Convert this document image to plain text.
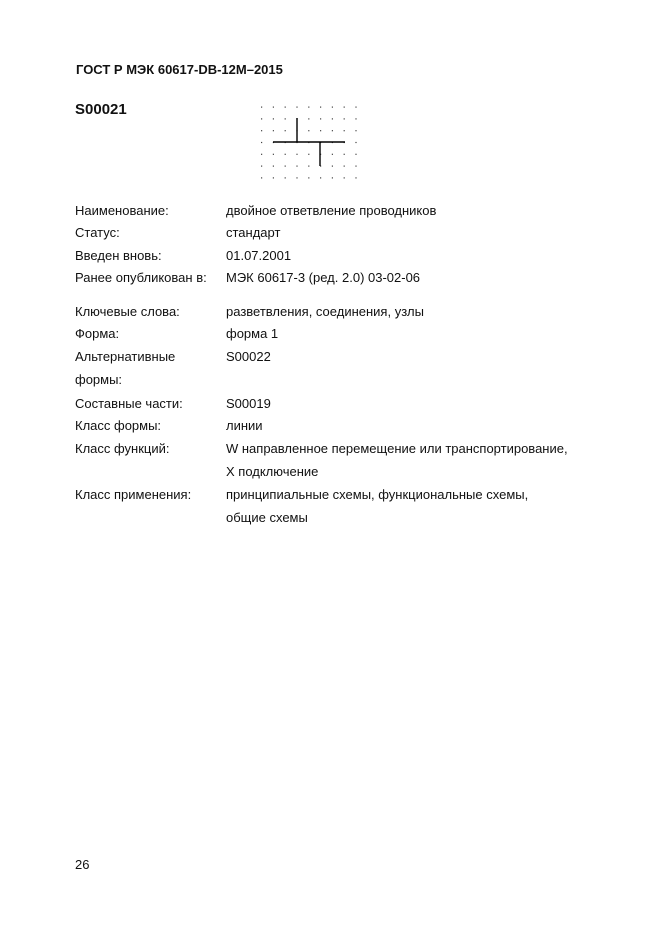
ГОСТ Р МЭК 60617-DB-12M–2015
S00021
Наименование:	двойное ответвление проводников
Статус:	стандарт
Введен вновь:	01.07.2001
Ранее опубликован в: МЭК 60617-3 (ред. 2.0) 03-02-06
Ключевые слова:	разветвления, соединения, узлы
Форма:	форма 1
Альтернативные
формы:
S00022
Составные части:	S00019
Класс формы:	линии
Класс функций:	W направленное перемещение или транспортирование,
X подключение
Класс применения:	принципиальные схемы, функциональные схемы,
общие схемы
26
